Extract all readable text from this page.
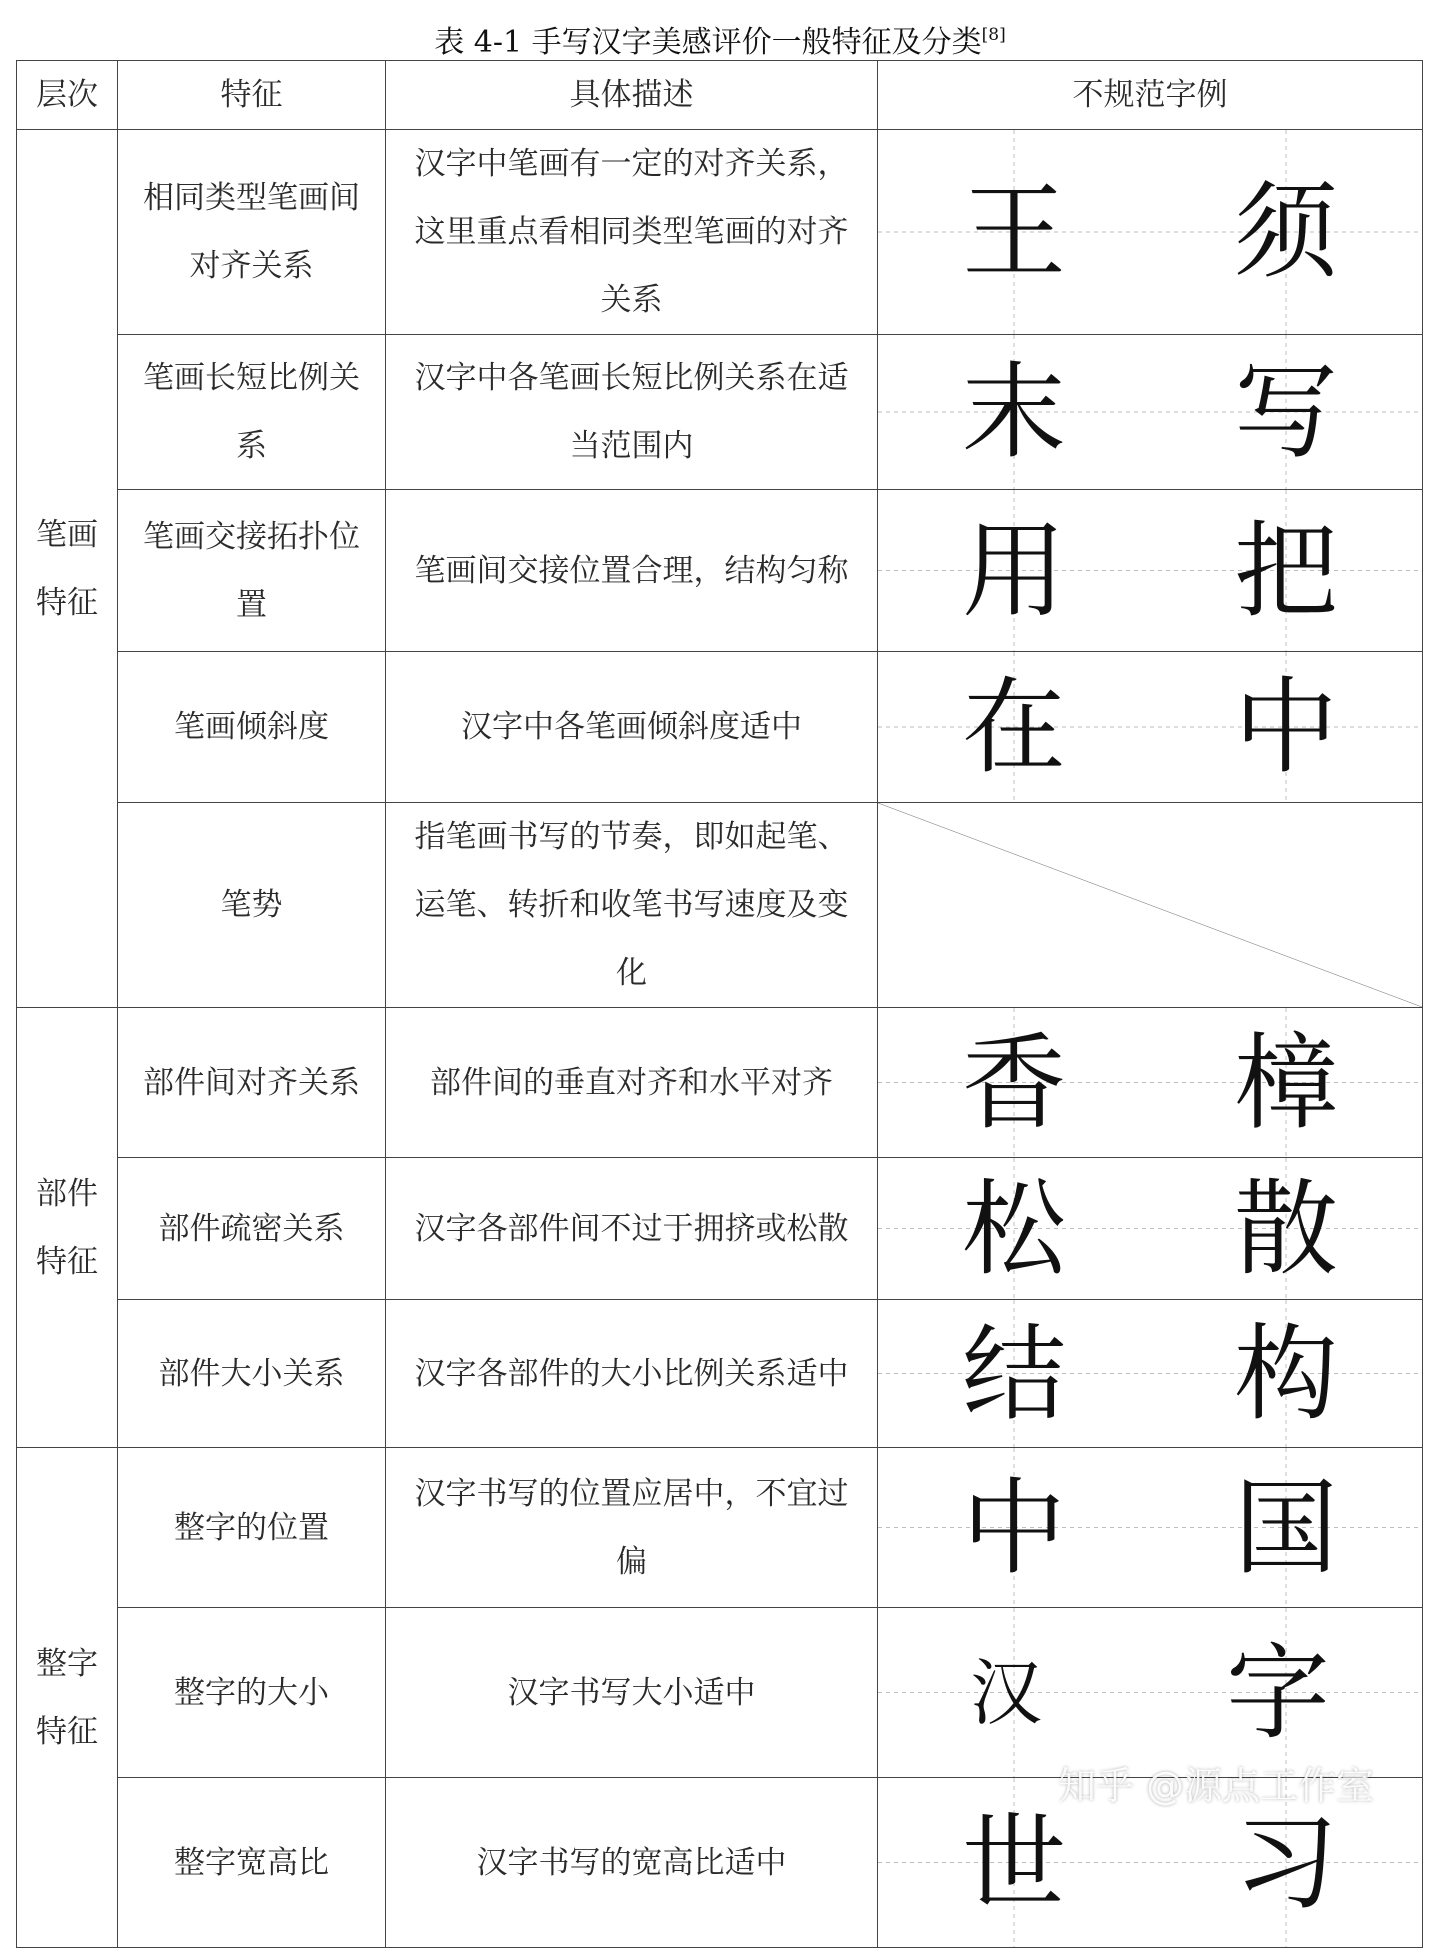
表 4-1 手写汉字美感评价一般特征及分类[8]
层次	特征	具体描述	不规范字例
笔画
特征	相同类型笔画间对齐关系	汉字中笔画有一定的对齐关系，这里重点看相同类型笔画的对齐关系	王 须

	笔画长短比例关系	汉字中各笔画长短比例关系在适当范围内	末 写

	笔画交接拓扑位置	笔画间交接位置合理，结构匀称	用 把

	笔画倾斜度	汉字中各笔画倾斜度适中	在 中

	笔势	指笔画书写的节奏，即如起笔、运笔、转折和收笔书写速度及变化

部件
特征	部件间对齐关系	部件间的垂直对齐和水平对齐	香 樟

	部件疏密关系	汉字各部件间不过于拥挤或松散	松 散

	部件大小关系	汉字各部件的大小比例关系适中	结 构

整字
特征	整字的位置	汉字书写的位置应居中，不宜过偏	中 国

	整字的大小	汉字书写大小适中	汉 字

	整字宽高比	汉字书写的宽高比适中	世 习
知乎 @源点工作室
